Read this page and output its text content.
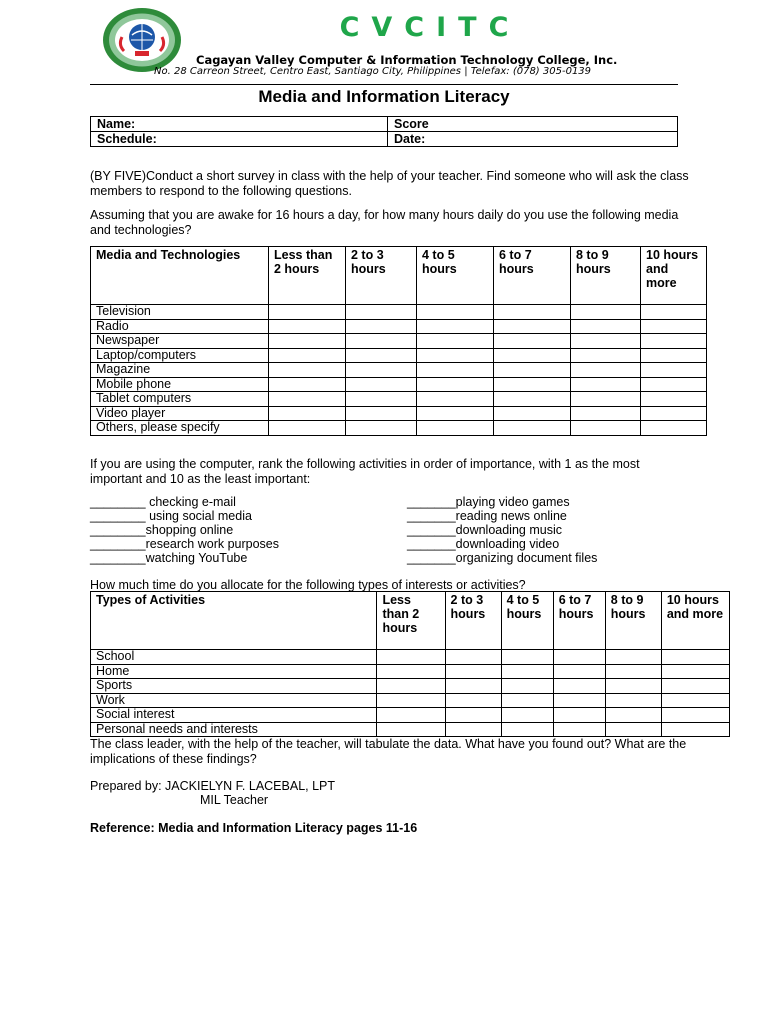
CVCITC
Cagayan Valley Computer & Information Technology College, Inc.
No. 28 Carreon Street, Centro East, Santiago City, Philippines | Telefax: (078) 305-0139
Media and Information Literacy
Name:	Score
Schedule:	Date:
(BY FIVE)Conduct a short survey in class with the help of your teacher. Find someone who will ask the class members to respond to the following questions.
Assuming that you are awake for 16 hours a day, for how many hours daily do you use the following media and technologies?
Media and Technologies	Less than 2 hours	2 to 3 hours	4 to 5 hours	6 to 7 hours	8 to 9 hours	10 hours and more
Television						
Radio						
Newspaper						
Laptop/computers						
Magazine						
Mobile phone						
Tablet computers						
Video player						
Others, please specify						
If you are using the computer, rank the following activities in order of importance, with 1 as the most important and 10 as the least important:
________ checking e-mail
________ using social media
________shopping online
________research work purposes
________watching YouTube
_______playing video games
_______reading news online
_______downloading music
_______downloading video
_______organizing document files
How much time do you allocate for the following types of interests or activities?
Types of Activities	Less than 2 hours	2 to 3 hours	4 to 5 hours	6 to 7 hours	8 to 9 hours	10 hours and more
School						
Home						
Sports						
Work						
Social interest						
Personal needs and interests						
The class leader, with the help of the teacher, will tabulate the data. What have you found out? What are the implications of these findings?
Prepared by: JACKIELYN F. LACEBAL, LPT
MIL Teacher
Reference: Media and Information Literacy pages 11-16
